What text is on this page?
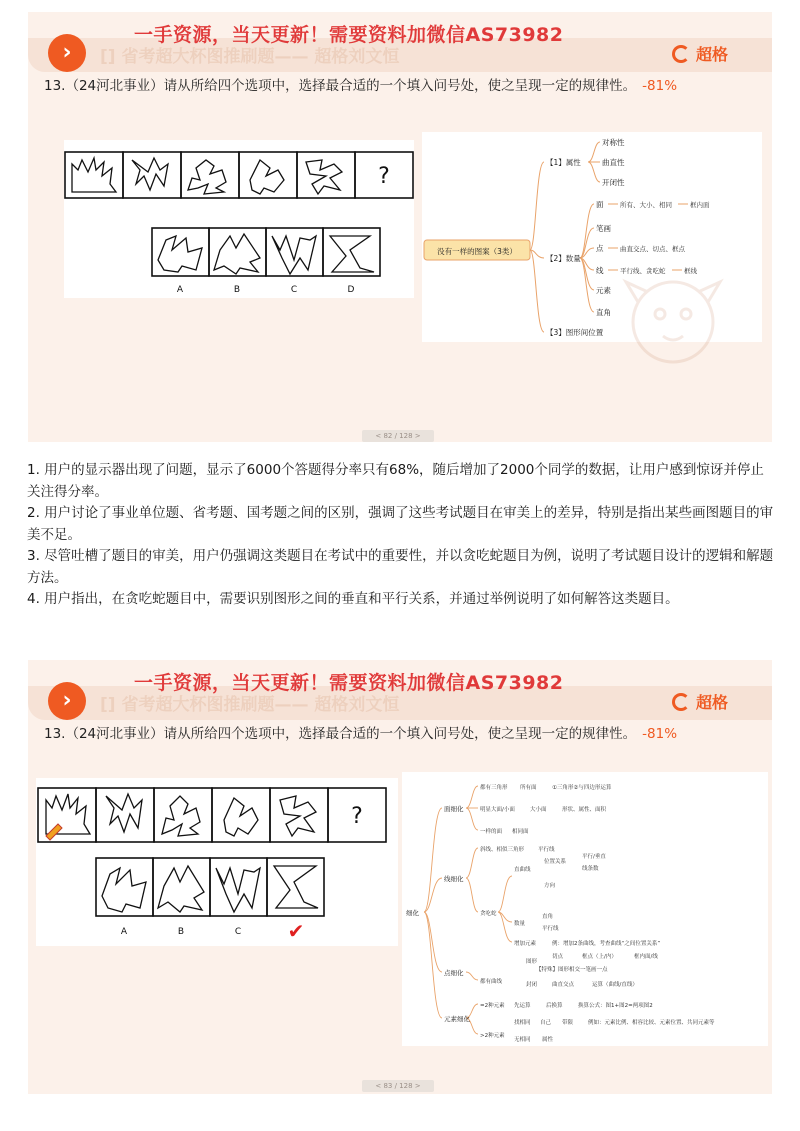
› [] 省考超大杯图推刷题—— 超格刘文恒
一手资源，当天更新！需要资料加微信AS73982
超格
13.（24河北事业）请从所给四个选项中，选择最合适的一个填入问号处，使之呈现一定的规律性。 -81%
?
A	B	C	D
没有一样的图案（3类）
【1】属性
【2】数量
【3】图形间位置
对称性
曲直性
开闭性
面
笔画
点
线
元素
直角
所有、大小、相同	框内面
曲直交点、切点、框点
平行线、贪吃蛇	框线
< 82 / 128 >

1. 用户的显示器出现了问题，显示了6000个答题得分率只有68%，随后增加了2000个同学的数据，让用户感到惊讶并停止关注得分率。

2. 用户讨论了事业单位题、省考题、国考题之间的区别，强调了这些考试题目在审美上的差异，特别是指出某些画图题目的审美不足。

3. 尽管吐槽了题目的审美，用户仍强调这类题目在考试中的重要性，并以贪吃蛇题目为例，说明了考试题目设计的逻辑和解题方法。

4. 用户指出，在贪吃蛇题目中，需要识别图形之间的垂直和平行关系，并通过举例说明了如何解答这类题目。

› [] 省考超大杯图推刷题—— 超格刘文恒
一手资源，当天更新！需要资料加微信AS73982
超格
13.（24河北事业）请从所给四个选项中，选择最合适的一个填入问号处，使之呈现一定的规律性。 -81%
?
A	B	C ✔
细化
面细化
线细化
点细化
元素细化
都有三角形 所有面	①三角形②与四边形运算
明显大面/小面	大小面	形状、属性、面积
一样的面 相同面
斜线、相似三角形	平行线
直曲线
位置关系
平行/垂直
线条数
方向
贪吃蛇
数量
直角
平行线
增加元素	例：增加2条曲线，考查曲线“之间位置关系”
都有曲线
图形
切点	框点（上/内）	框内面/线
【特殊】图形相交一笔画一点
封闭	曲直交点	运算（曲线/直线）
=2种元素 先运算	后换算	换算公式：图1+图2=两项图2
>2种元素
找相同 自己 带限	例如：元素比例、相容比较、元素位置、共同元素等
无相同 属性
< 83 / 128 >
